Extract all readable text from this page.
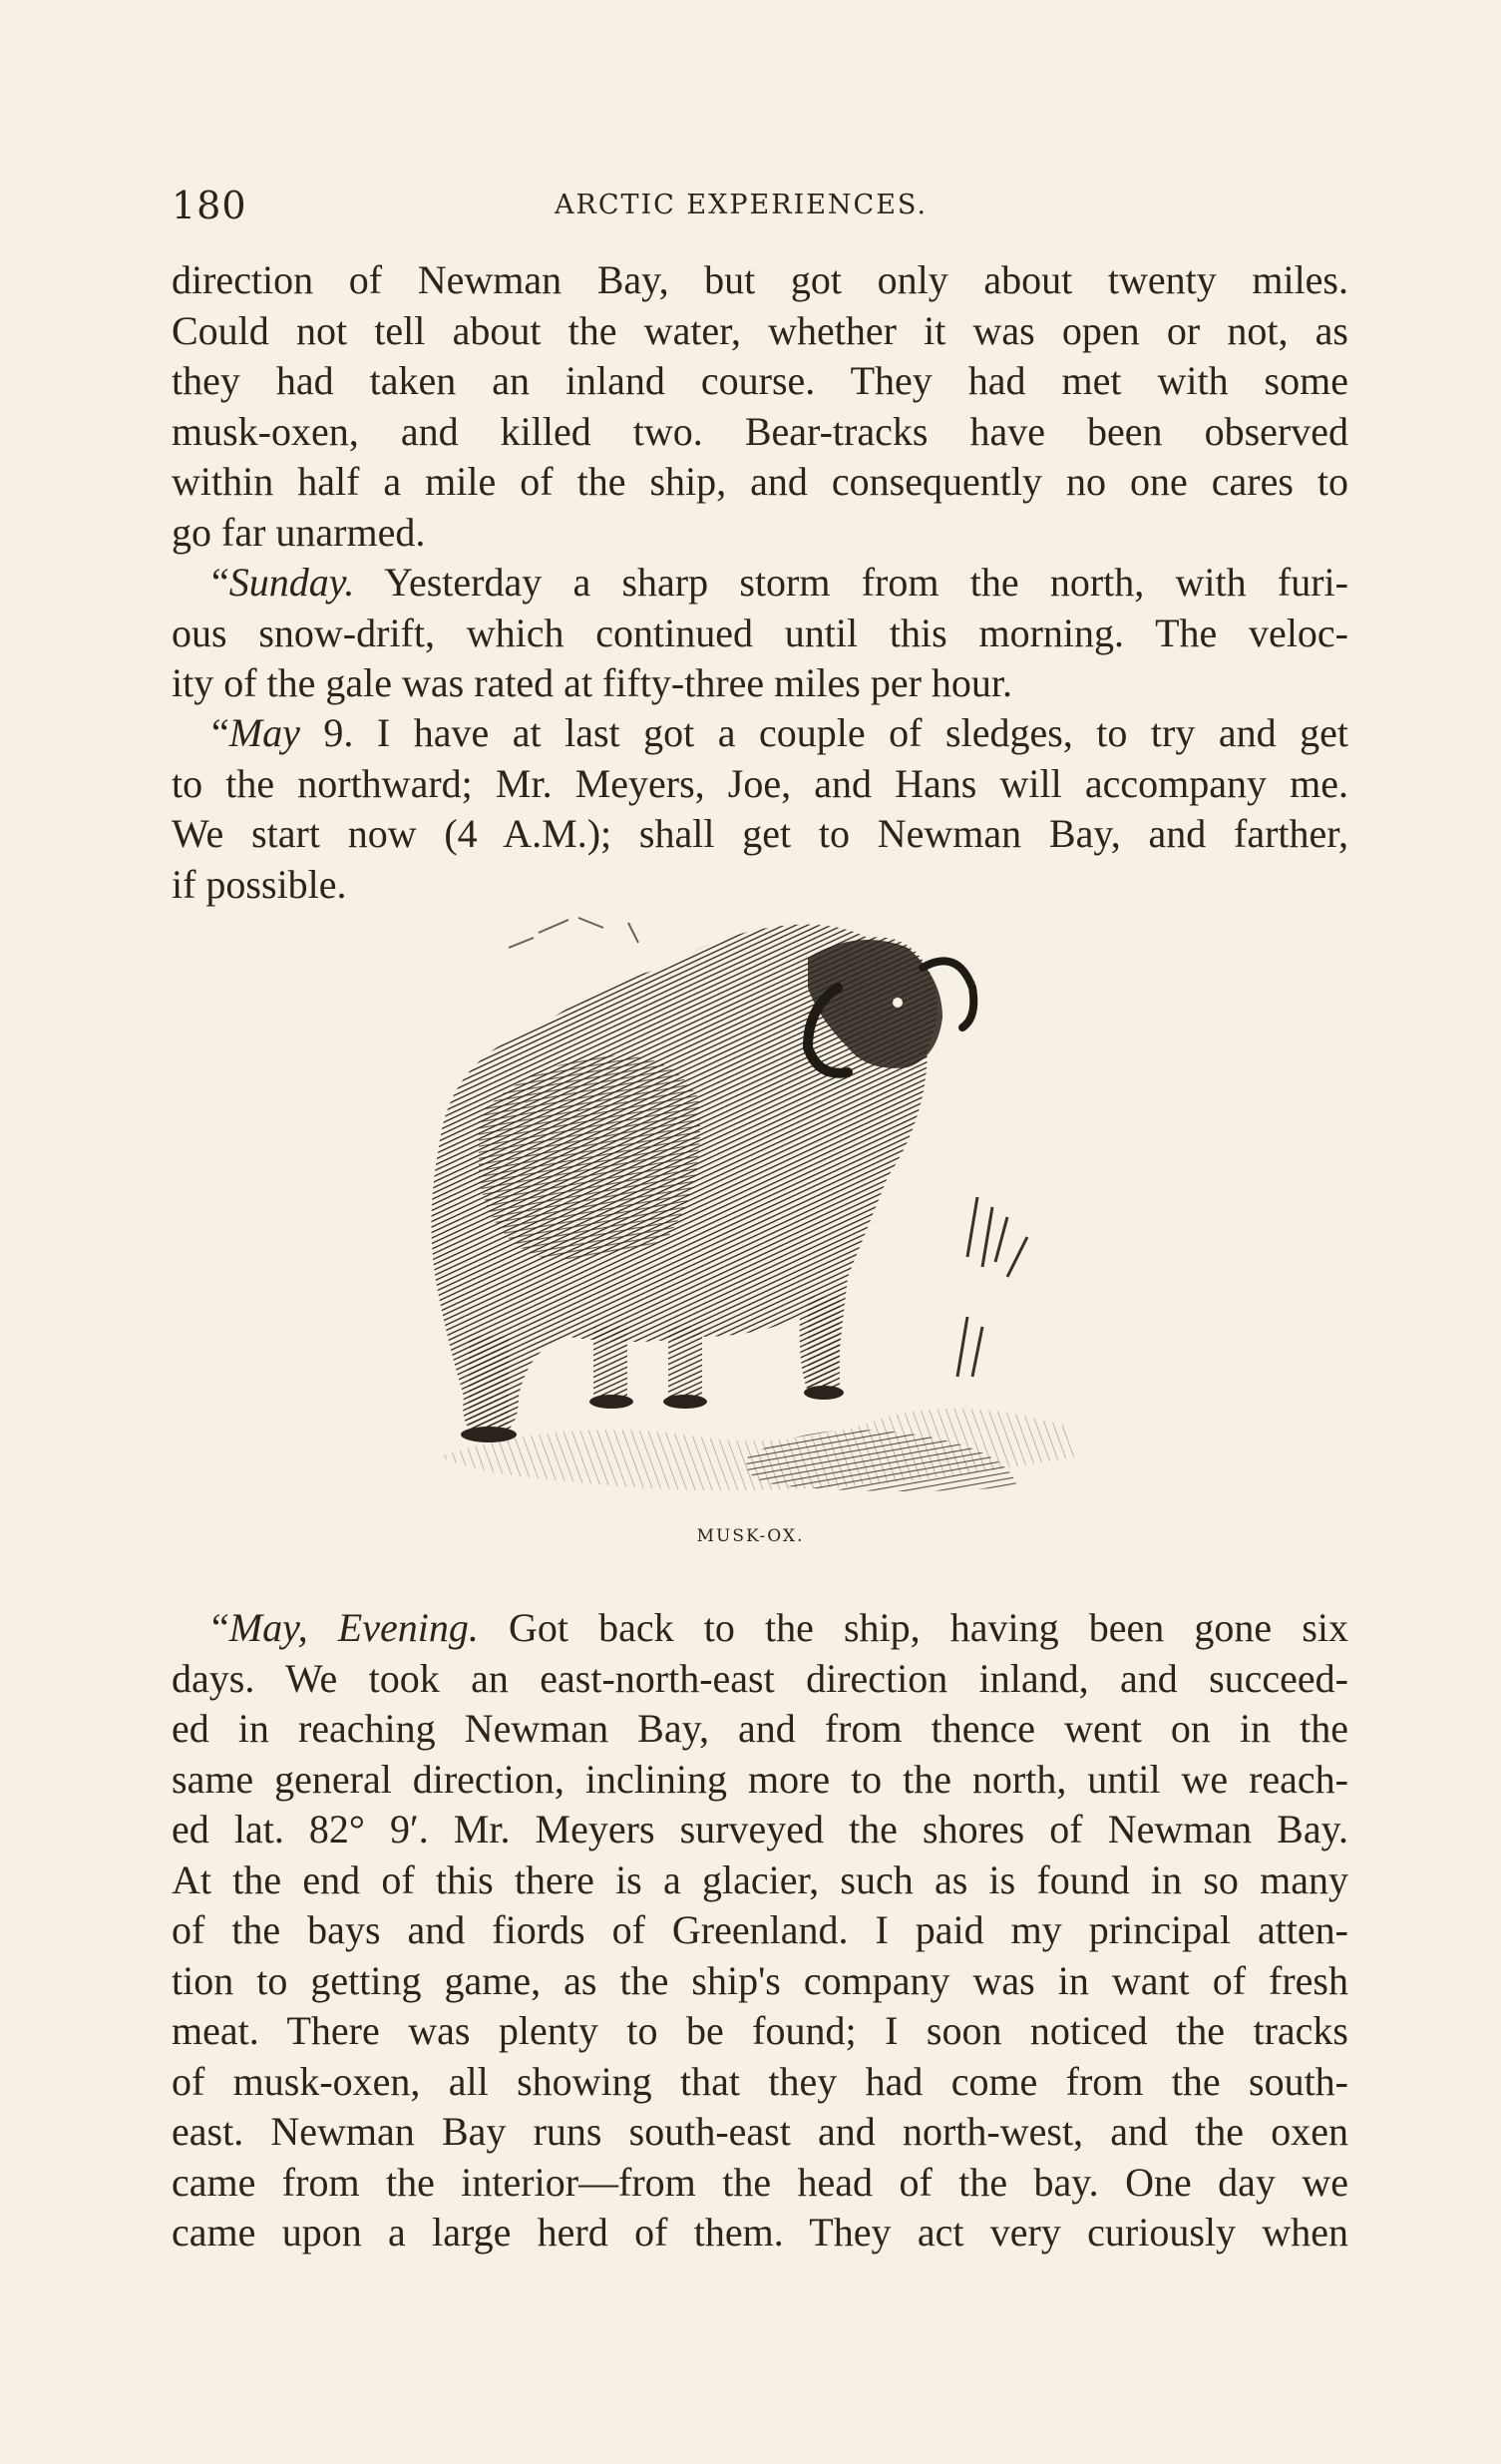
180	ARCTIC EXPERIENCES.
direction of Newman Bay, but got only about twenty miles.
Could not tell about the water, whether it was open or not, as
they had taken an inland course. They had met with some
musk-oxen, and killed two. Bear-tracks have been observed
within half a mile of the ship, and consequently no one cares to
go far unarmed.
“Sunday. Yesterday a sharp storm from the north, with furi-
ous snow-drift, which continued until this morning. The veloc-
ity of the gale was rated at fifty-three miles per hour.
“May 9. I have at last got a couple of sledges, to try and get
to the northward; Mr. Meyers, Joe, and Hans will accompany me.
We start now (4 A.M.); shall get to Newman Bay, and farther,
if possible.
MUSK-OX.
“May, Evening. Got back to the ship, having been gone six
days. We took an east-north-east direction inland, and succeed-
ed in reaching Newman Bay, and from thence went on in the
same general direction, inclining more to the north, until we reach-
ed lat. 82° 9′. Mr. Meyers surveyed the shores of Newman Bay.
At the end of this there is a glacier, such as is found in so many
of the bays and fiords of Greenland. I paid my principal atten-
tion to getting game, as the ship's company was in want of fresh
meat. There was plenty to be found; I soon noticed the tracks
of musk-oxen, all showing that they had come from the south-
east. Newman Bay runs south-east and north-west, and the oxen
came from the interior—from the head of the bay. One day we
came upon a large herd of them. They act very curiously when
